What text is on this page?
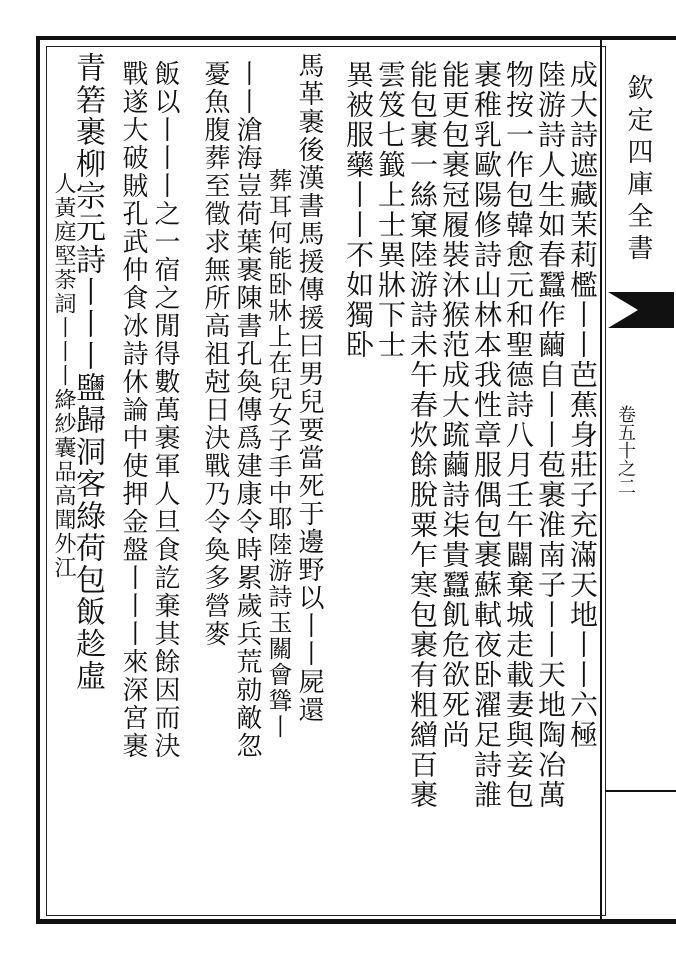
欽定四庫全書
卷五十之二
成大詩遮藏茉莉檻丨丨芭蕉身莊子充滿天地丨丨六極
陸游詩人生如春蠶作繭自丨丨苞裹淮南子丨丨天地陶冶萬
物按一作包韓愈元和聖德詩八月壬午闢棄城走載妻與妾包
裹稚乳歐陽修詩山林本我性章服偶包裹蘇軾夜卧濯足詩誰
能更包裹冠履裝沐猴范成大䟽繭詩㭍貴蠶飢危欲死尚
能包裹一絲窠陸游詩未午春炊餘脫粟乍寒包裹有粗繒百裹
雲笈七籖上士異牀下士
異被服藥丨丨不如獨卧
馬革裹後漢書馬援傳援曰男兒要當死于邊野以丨丨屍還
葬耳何能卧牀上在兒女子手中耶陸游詩玉關會聳丨
丨丨滄海豈荷葉裹陳書孔奐傳爲建康令時累歲兵荒勍敵忽
憂魚腹葬至徵求無所高祖尅日決戰乃令奐多營麥
飯以丨丨丨之一宿之閒得數萬裹軍人旦食訖棄其餘因而決
戰遂大破賊孔武仲食冰詩休論中使押金盤丨丨丨來深宮裹
青箬裹柳宗元詩丨丨丨鹽歸洞客綠荷包飯趁虛
人黃庭堅荼詞丨丨丨絳紗囊品高聞外江
